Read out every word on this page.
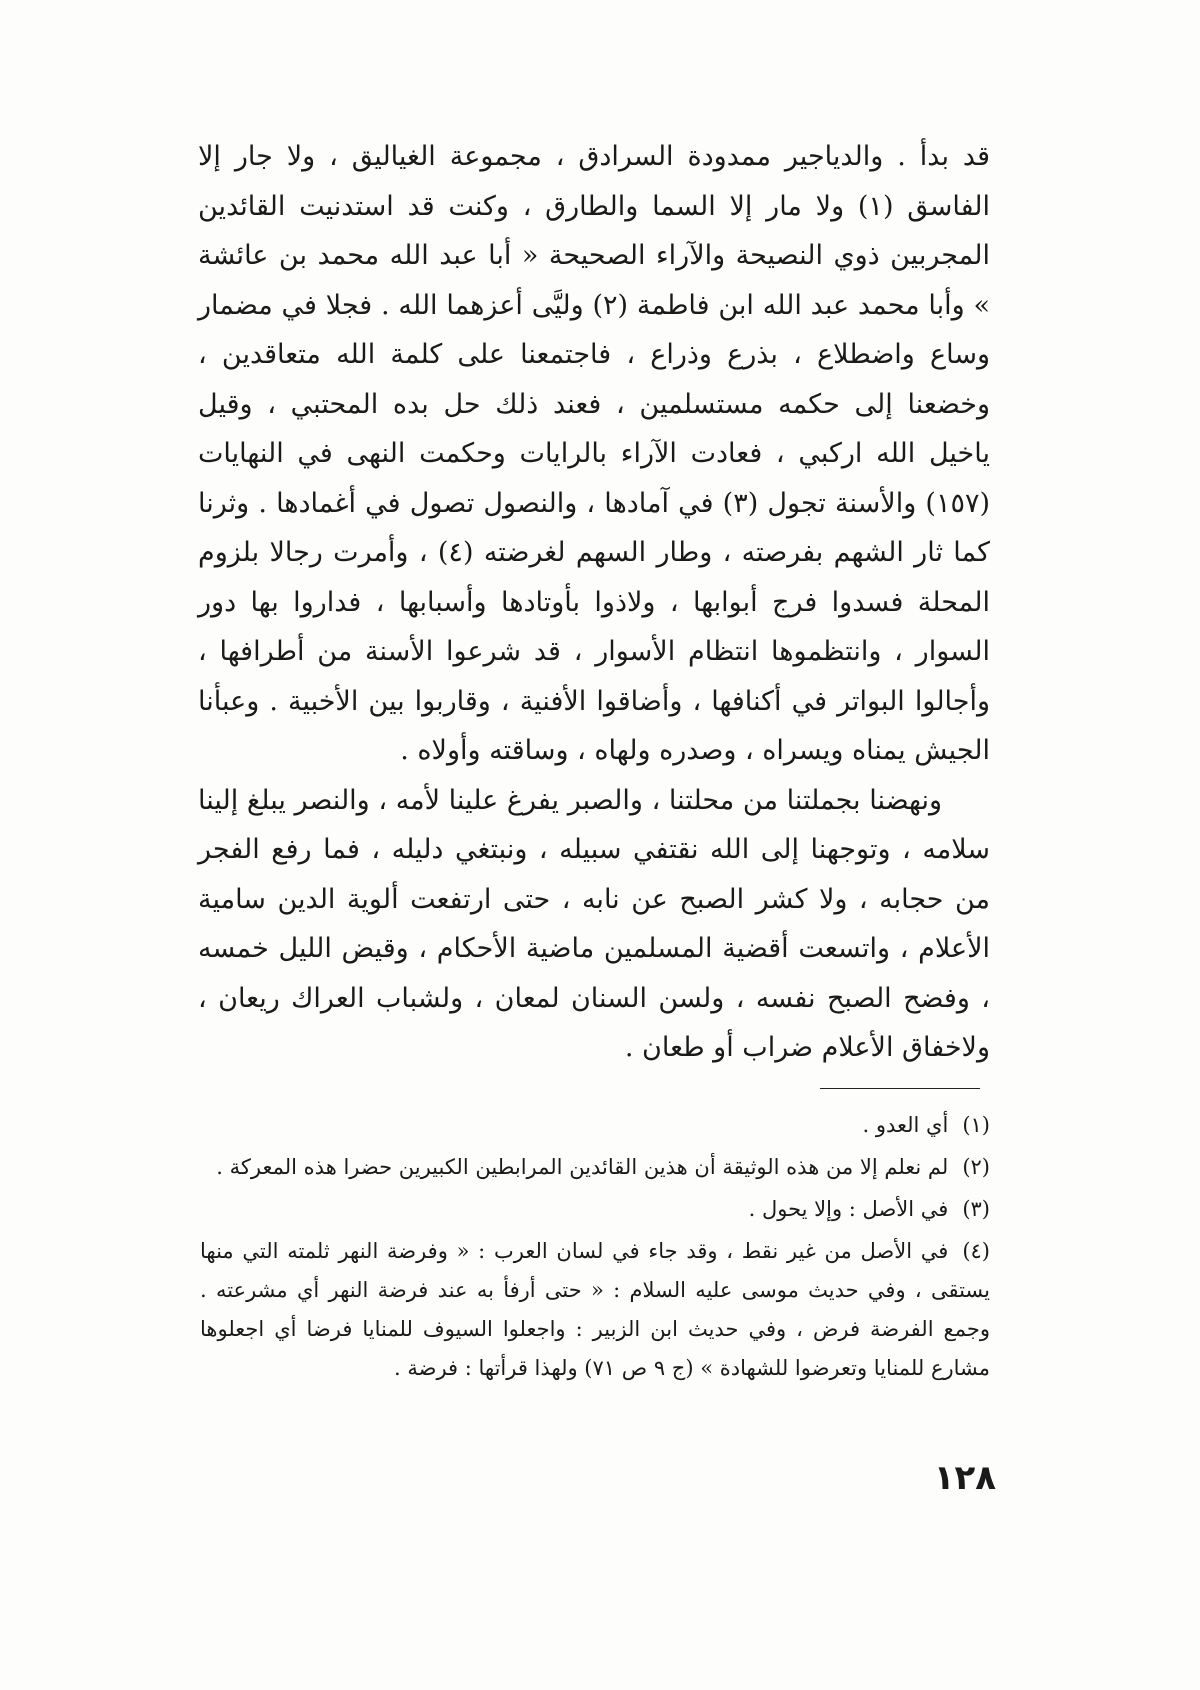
قد بدأ . والدياجير ممدودة السرادق ، مجموعة الغياليق ، ولا جار إلا الفاسق (١) ولا مار إلا السما والطارق ، وكنت قد استدنيت القائدين المجربين ذوي النصيحة والآراء الصحيحة « أبا عبد الله محمد بن عائشة » وأبا محمد عبد الله ابن فاطمة (٢) وليَّى أعزهما الله . فجلا في مضمار وساع واضطلاع ، بذرع وذراع ، فاجتمعنا على كلمة الله متعاقدين ، وخضعنا إلى حكمه مستسلمين ، فعند ذلك حل بده المحتبي ، وقيل ياخيل الله اركبي ، فعادت الآراء بالرايات وحكمت النهى في النهايات (١٥٧) والأسنة تجول (٣) في آمادها ، والنصول تصول في أغمادها . وثرنا كما ثار الشهم بفرصته ، وطار السهم لغرضته (٤) ، وأمرت رجالا بلزوم المحلة فسدوا فرج أبوابها ، ولاذوا بأوتادها وأسبابها ، فداروا بها دور السوار ، وانتظموها انتظام الأسوار ، قد شرعوا الأسنة من أطرافها ، وأجالوا البواتر في أكنافها ، وأضاقوا الأفنية ، وقاربوا بين الأخبية . وعبأنا الجيش يمناه ويسراه ، وصدره ولهاه ، وساقته وأولاه .

ونهضنا بجملتنا من محلتنا ، والصبر يفرغ علينا لأمه ، والنصر يبلغ إلينا سلامه ، وتوجهنا إلى الله نقتفي سبيله ، ونبتغي دليله ، فما رفع الفجر من حجابه ، ولا كشر الصبح عن نابه ، حتى ارتفعت ألوية الدين سامية الأعلام ، واتسعت أقضية المسلمين ماضية الأحكام ، وقيض الليل خمسه ، وفضح الصبح نفسه ، ولسن السنان لمعان ، ولشباب العراك ريعان ، ولاخفاق الأعلام ضراب أو طعان .

(١)أي العدو .

(٢)لم نعلم إلا من هذه الوثيقة أن هذين القائدين المرابطين الكبيرين حضرا هذه المعركة .

(٣)في الأصل : وإلا يحول .

(٤)في الأصل من غير نقط ، وقد جاء في لسان العرب : « وفرضة النهر ثلمته التي منها يستقى ، وفي حديث موسى عليه السلام : « حتى أرفأ به عند فرضة النهر أي مشرعته . وجمع الفرضة فرض ، وفي حديث ابن الزبير : واجعلوا السيوف للمنايا فرضا أي اجعلوها مشارع للمنايا وتعرضوا للشهادة » (ج ٩ ص ٧١) ولهذا قرأتها : فرضة .

١٢٨
